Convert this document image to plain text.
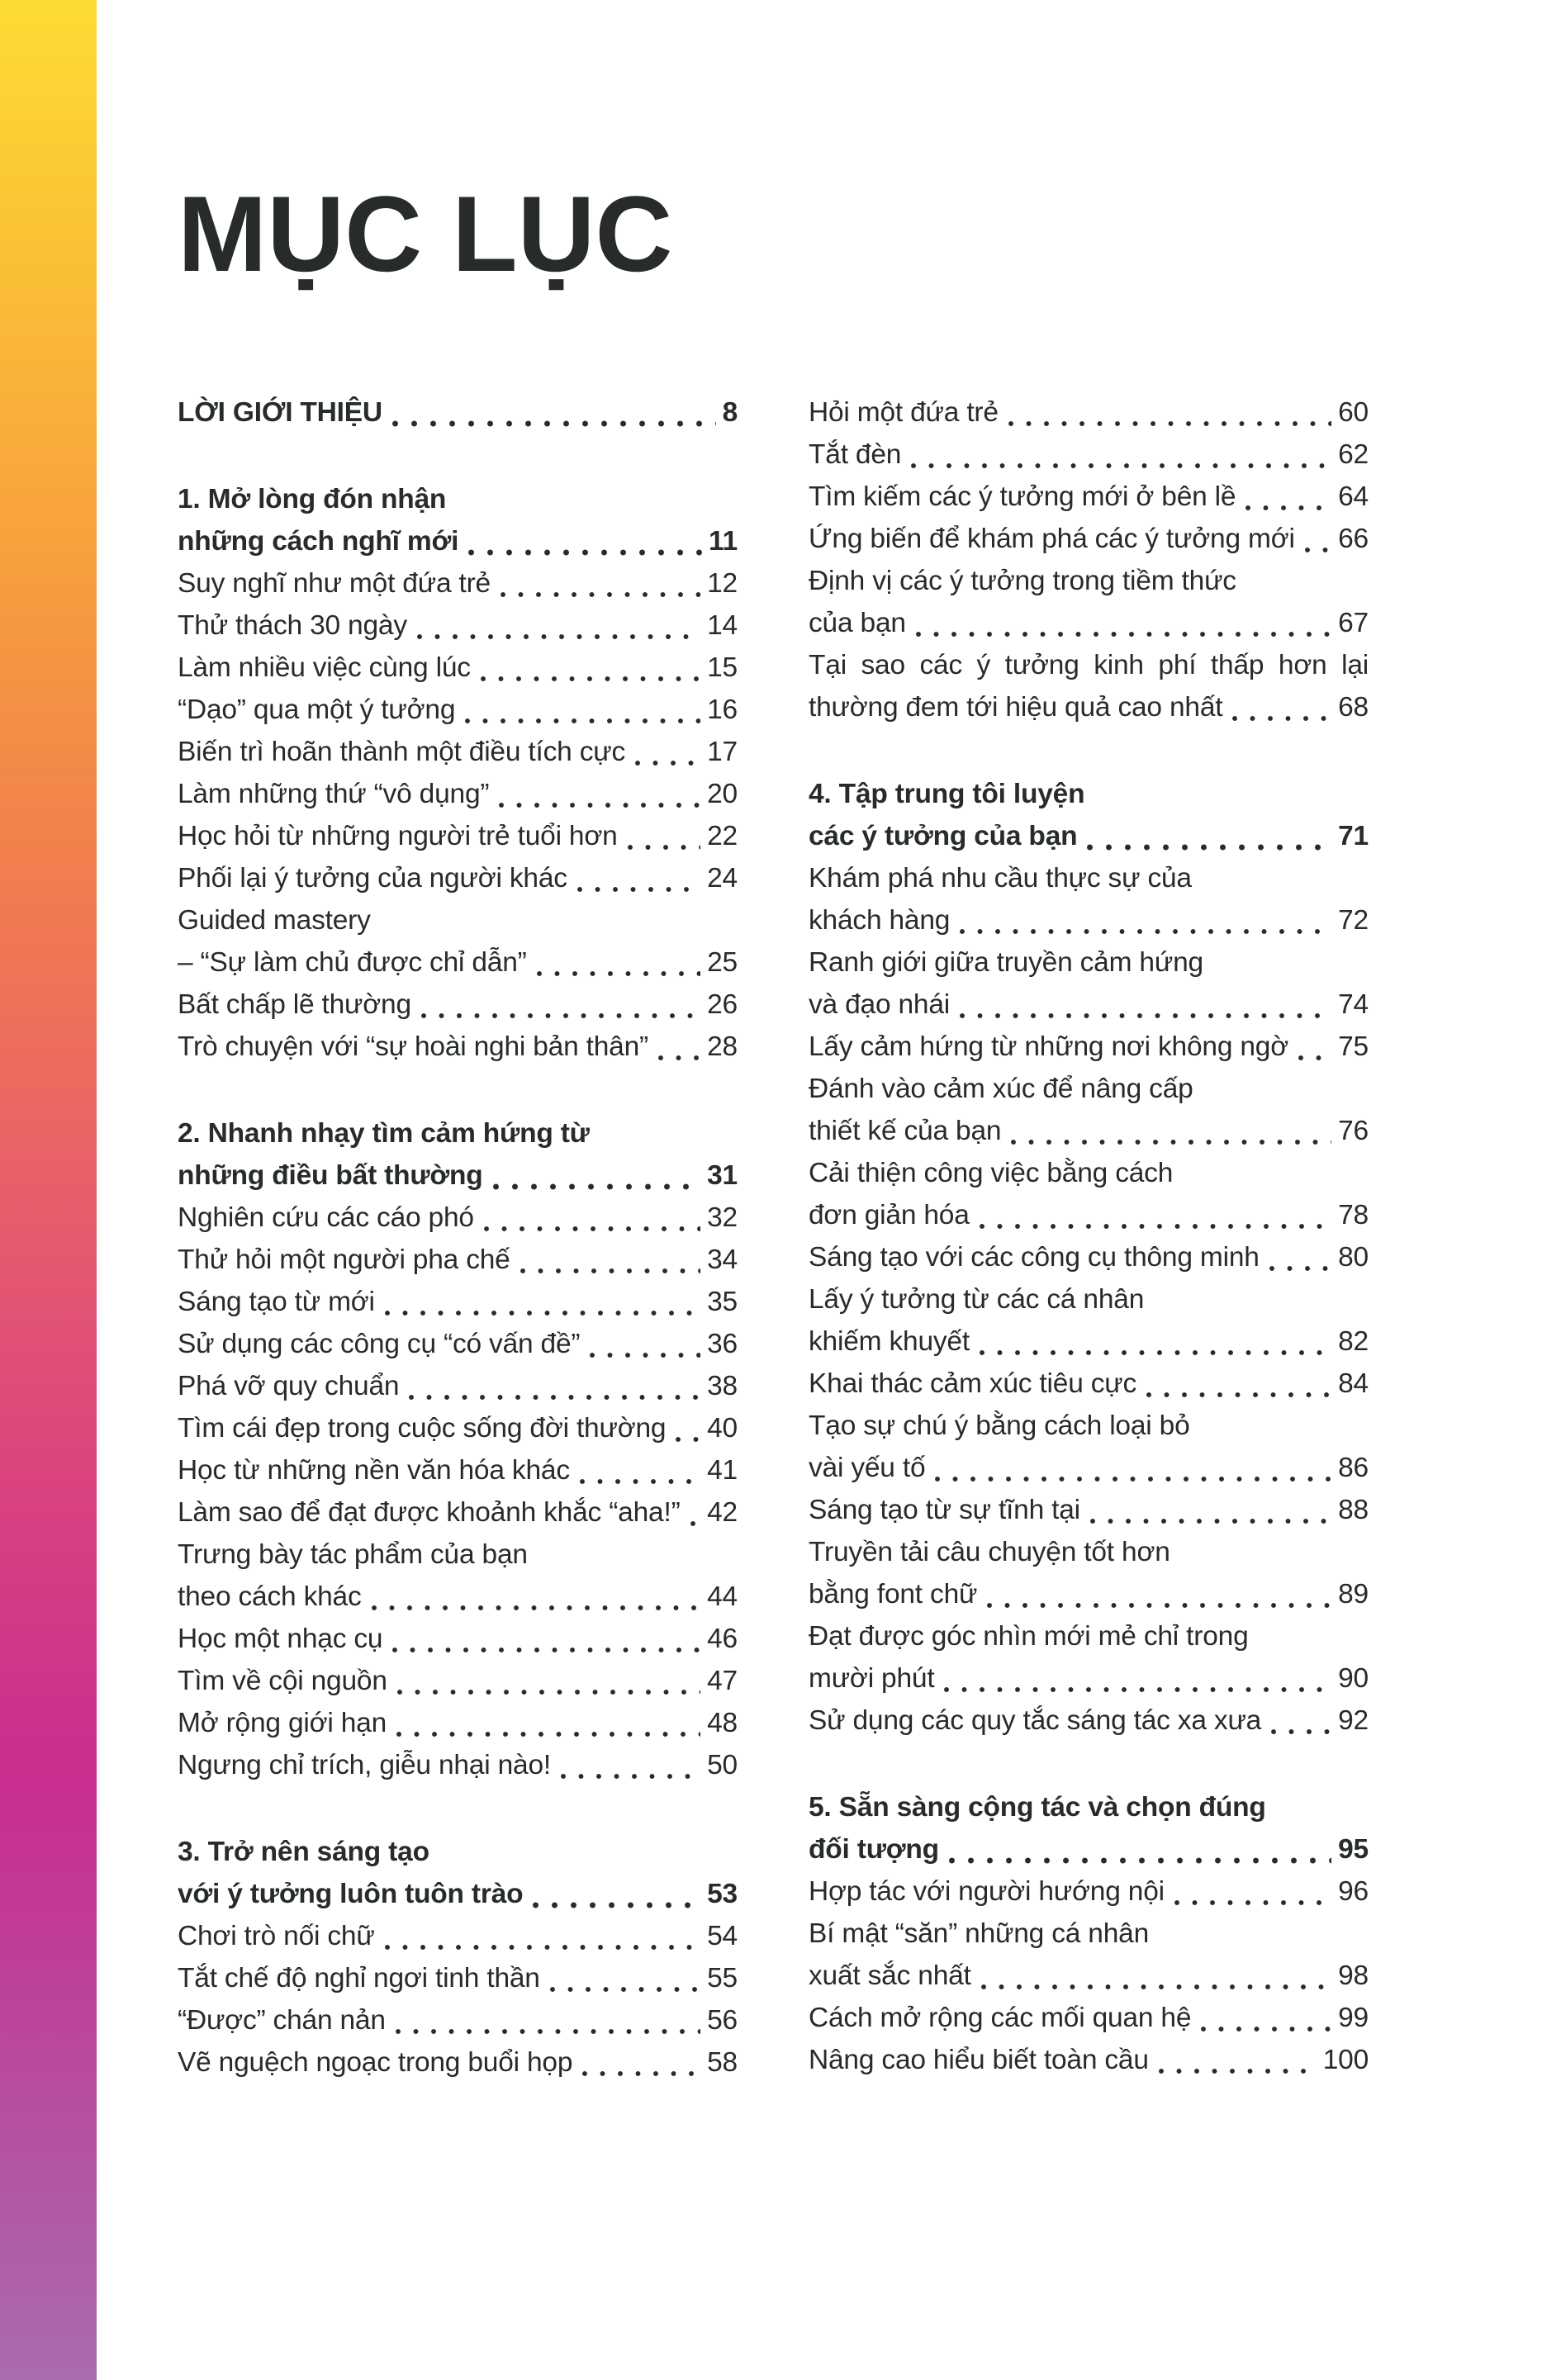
MỤC LỤC
LỜI GIỚI THIỆU	8
1. Mở lòng đón nhận
những cách nghĩ mới	11
Suy nghĩ như một đứa trẻ	12
Thử thách 30 ngày	14
Làm nhiều việc cùng lúc	15
“Dạo” qua một ý tưởng	16
Biến trì hoãn thành một điều tích cực	17
Làm những thứ “vô dụng”	20
Học hỏi từ những người trẻ tuổi hơn	22
Phối lại ý tưởng của người khác	24
Guided mastery
– “Sự làm chủ được chỉ dẫn”	25
Bất chấp lẽ thường	26
Trò chuyện với “sự hoài nghi bản thân” 28
2. Nhanh nhạy tìm cảm hứng từ
những điều bất thường	31
Nghiên cứu các cáo phó	32
Thử hỏi một người pha chế	34
Sáng tạo từ mới	35
Sử dụng các công cụ “có vấn đề”	36
Phá vỡ quy chuẩn	38
Tìm cái đẹp trong cuộc sống đời thường 40
Học từ những nền văn hóa khác	41
Làm sao để đạt được khoảnh khắc “aha!” 42
Trưng bày tác phẩm của bạn
theo cách khác	44
Học một nhạc cụ	46
Tìm về cội nguồn	47
Mở rộng giới hạn	48
Ngưng chỉ trích, giễu nhại nào!	50
3. Trở nên sáng tạo
với ý tưởng luôn tuôn trào	53
Chơi trò nối chữ	54
Tắt chế độ nghỉ ngơi tinh thần	55
“Được” chán nản	56
Vẽ nguệch ngoạc trong buổi họp	58
Hỏi một đứa trẻ	60
Tắt đèn	62
Tìm kiếm các ý tưởng mới ở bên lề	64
Ứng biến để khám phá các ý tưởng mới 66
Định vị các ý tưởng trong tiềm thức
của bạn	67
Tại sao các ý tưởng kinh phí thấp hơn lại
thường đem tới hiệu quả cao nhất	68
4. Tập trung tôi luyện
các ý tưởng của bạn	71
Khám phá nhu cầu thực sự của
khách hàng	72
Ranh giới giữa truyền cảm hứng
và đạo nhái	74
Lấy cảm hứng từ những nơi không ngờ 75
Đánh vào cảm xúc để nâng cấp
thiết kế của bạn	76
Cải thiện công việc bằng cách
đơn giản hóa	78
Sáng tạo với các công cụ thông minh	80
Lấy ý tưởng từ các cá nhân
khiếm khuyết	82
Khai thác cảm xúc tiêu cực	84
Tạo sự chú ý bằng cách loại bỏ
vài yếu tố	86
Sáng tạo từ sự tĩnh tại	88
Truyền tải câu chuyện tốt hơn
bằng font chữ	89
Đạt được góc nhìn mới mẻ chỉ trong
mười phút	90
Sử dụng các quy tắc sáng tác xa xưa	92
5. Sẵn sàng cộng tác và chọn đúng
đối tượng	95
Hợp tác với người hướng nội	96
Bí mật “săn” những cá nhân
xuất sắc nhất	98
Cách mở rộng các mối quan hệ	99
Nâng cao hiểu biết toàn cầu	100
